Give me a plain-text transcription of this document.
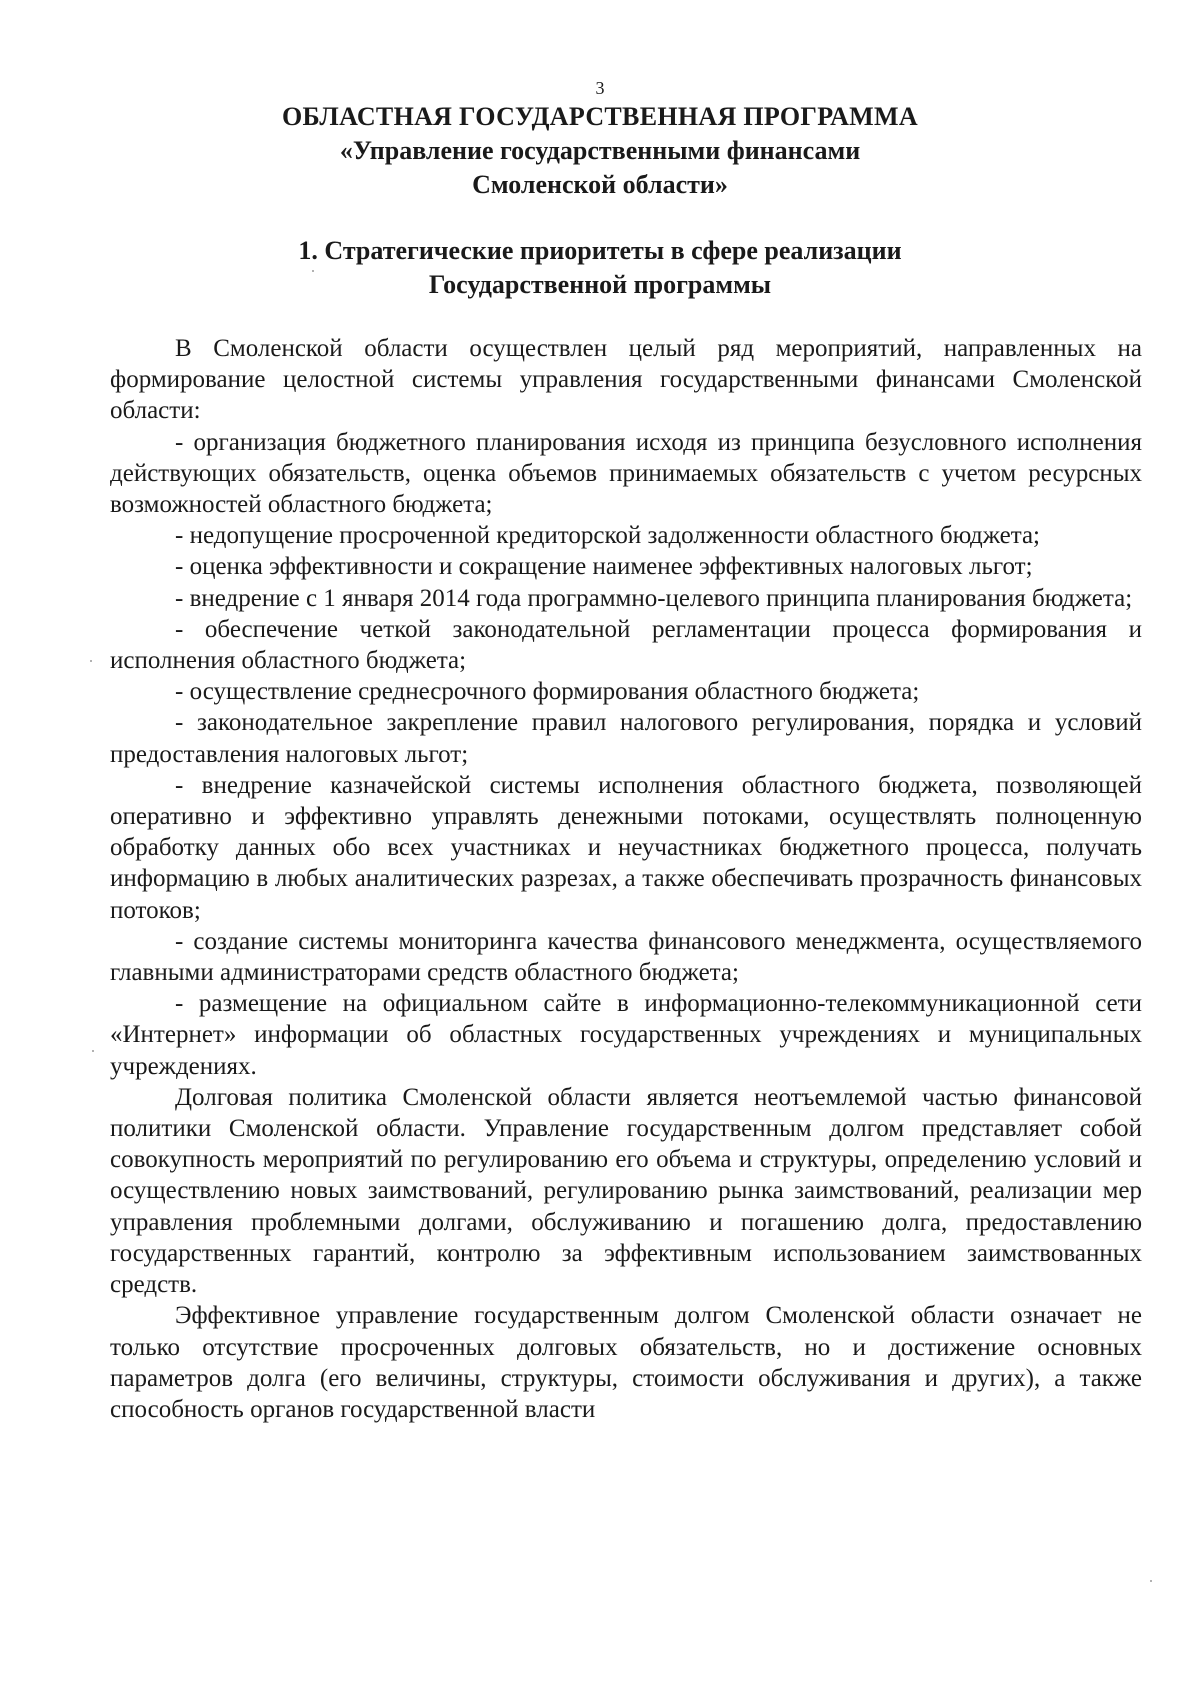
3
ОБЛАСТНАЯ ГОСУДАРСТВЕННАЯ ПРОГРАММА
«Управление государственными финансами
Смоленской области»
1. Стратегические приоритеты в сфере реализации
Государственной программы

В Смоленской области осуществлен целый ряд мероприятий, направленных на формирование целостной системы управления государственными финансами Смоленской области:

- организация бюджетного планирования исходя из принципа безусловного исполнения действующих обязательств, оценка объемов принимаемых обязательств с учетом ресурсных возможностей областного бюджета;

- недопущение просроченной кредиторской задолженности областного бюджета;

- оценка эффективности и сокращение наименее эффективных налоговых льгот;

- внедрение с 1 января 2014 года программно-целевого принципа планирования бюджета;

- обеспечение четкой законодательной регламентации процесса формирования и исполнения областного бюджета;

- осуществление среднесрочного формирования областного бюджета;

- законодательное закрепление правил налогового регулирования, порядка и условий предоставления налоговых льгот;

- внедрение казначейской системы исполнения областного бюджета, позволяющей оперативно и эффективно управлять денежными потоками, осуществлять полноценную обработку данных обо всех участниках и неучастниках бюджетного процесса, получать информацию в любых аналитических разрезах, а также обеспечивать прозрачность финансовых потоков;

- создание системы мониторинга качества финансового менеджмента, осуществляемого главными администраторами средств областного бюджета;

- размещение на официальном сайте в информационно-телекоммуникационной сети «Интернет» информации об областных государственных учреждениях и муниципальных учреждениях.

Долговая политика Смоленской области является неотъемлемой частью финансовой политики Смоленской области. Управление государственным долгом представляет собой совокупность мероприятий по регулированию его объема и структуры, определению условий и осуществлению новых заимствований, регулированию рынка заимствований, реализации мер управления проблемными долгами, обслуживанию и погашению долга, предоставлению государственных гарантий, контролю за эффективным использованием заимствованных средств.

Эффективное управление государственным долгом Смоленской области означает не только отсутствие просроченных долговых обязательств, но и достижение основных параметров долга (его величины, структуры, стоимости обслуживания и других), а также способность органов государственной власти
